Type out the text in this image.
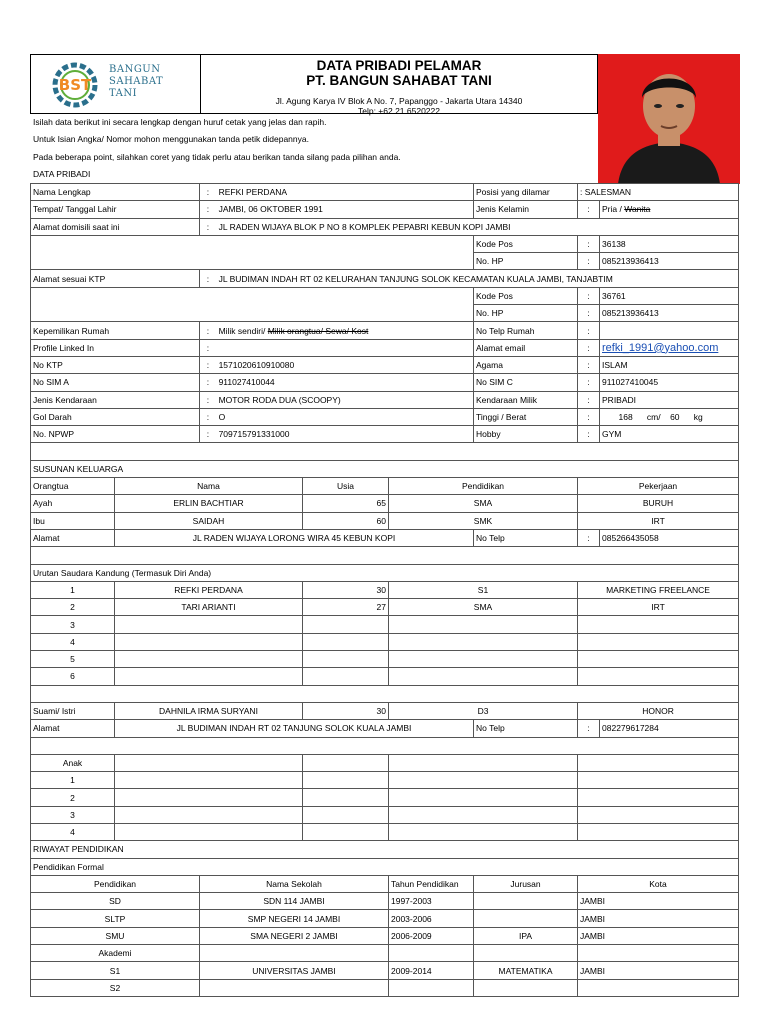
BST
BANGUN
SAHABAT
TANI
DATA PRIBADI PELAMAR
PT. BANGUN SAHABAT TANI
Jl. Agung Karya IV Blok A No. 7, Papanggo - Jakarta Utara 14340
Telp: +62 21 6520222
Isilah data berikut ini secara lengkap dengan huruf cetak yang jelas dan rapih.
Untuk Isian Angka/ Nomor mohon menggunakan tanda petik didepannya.
Pada beberapa point, silahkan coret yang tidak perlu atau berikan tanda silang pada pilihan anda.
DATA PRIBADI
Nama Lengkap		: REFKI PERDANA			Posisi yang dilamar	: SALESMAN	
Tempat/ Tanggal Lahir		: JAMBI, 06 OKTOBER 1991			Jenis Kelamin	:	Pria / Wanita
Alamat domisili saat ini		: JL RADEN WIJAYA BLOK P NO 8 KOMPLEK PEPABRI KEBUN KOPI JAMBI					
					Kode Pos	:	36138
					No. HP	:	085213936413
Alamat sesuai KTP		: JL BUDIMAN INDAH RT 02 KELURAHAN TANJUNG SOLOK KECAMATAN KUALA JAMBI, TANJABTIM					
					Kode Pos	:	36761
					No. HP	:	085213936413
Kepemilikan Rumah		: Milik sendiri/ Milik orangtua/ Sewa/ Kost			No Telp Rumah	:	
Profile Linked In		:			Alamat email	:	refki_1991@yahoo.com
No KTP		: 1571020610910080			Agama	:	ISLAM
No SIM A		: 911027410044			No SIM C	:	911027410045
Jenis Kendaraan		: MOTOR RODA DUA (SCOOPY)			Kendaraan Milik	:	PRIBADI
Gol Darah		: O			Tinggi / Berat	:	168 cm/ 60 kg
No. NPWP		: 709715791331000			Hobby	:	GYM

SUSUNAN KELUARGA							
Orangtua	Nama		Usia	Pendidikan		Pekerjaan	
Ayah	ERLIN BACHTIAR		65	SMA		BURUH	
Ibu	SAIDAH		60	SMK		IRT	
Alamat	JL RADEN WIJAYA LORONG WIRA 45 KEBUN KOPI				No Telp	:	085266435058

Urutan Saudara Kandung (Termasuk Diri Anda)							
1	REFKI PERDANA		30	S1		MARKETING FREELANCE	
2	TARI ARIANTI		27	SMA		IRT	
3							
4							
5							
6							

Suami/ Istri	DAHNILA IRMA SURYANI		30	D3		HONOR	
Alamat	JL BUDIMAN INDAH RT 02 TANJUNG SOLOK KUALA JAMBI				No Telp	:	082279617284

Anak							
1							
2							
3							
4							
RIWAYAT PENDIDIKAN							
Pendidikan Formal							
Pendidikan		Nama Sekolah		Tahun Pendidikan	Jurusan	Kota	
SD		SDN 114 JAMBI		1997-2003		JAMBI	
SLTP		SMP NEGERI 14 JAMBI		2003-2006		JAMBI	
SMU		SMA NEGERI 2 JAMBI		2006-2009	IPA	JAMBI	
Akademi							
S1		UNIVERSITAS JAMBI		2009-2014	MATEMATIKA	JAMBI	
S2							
